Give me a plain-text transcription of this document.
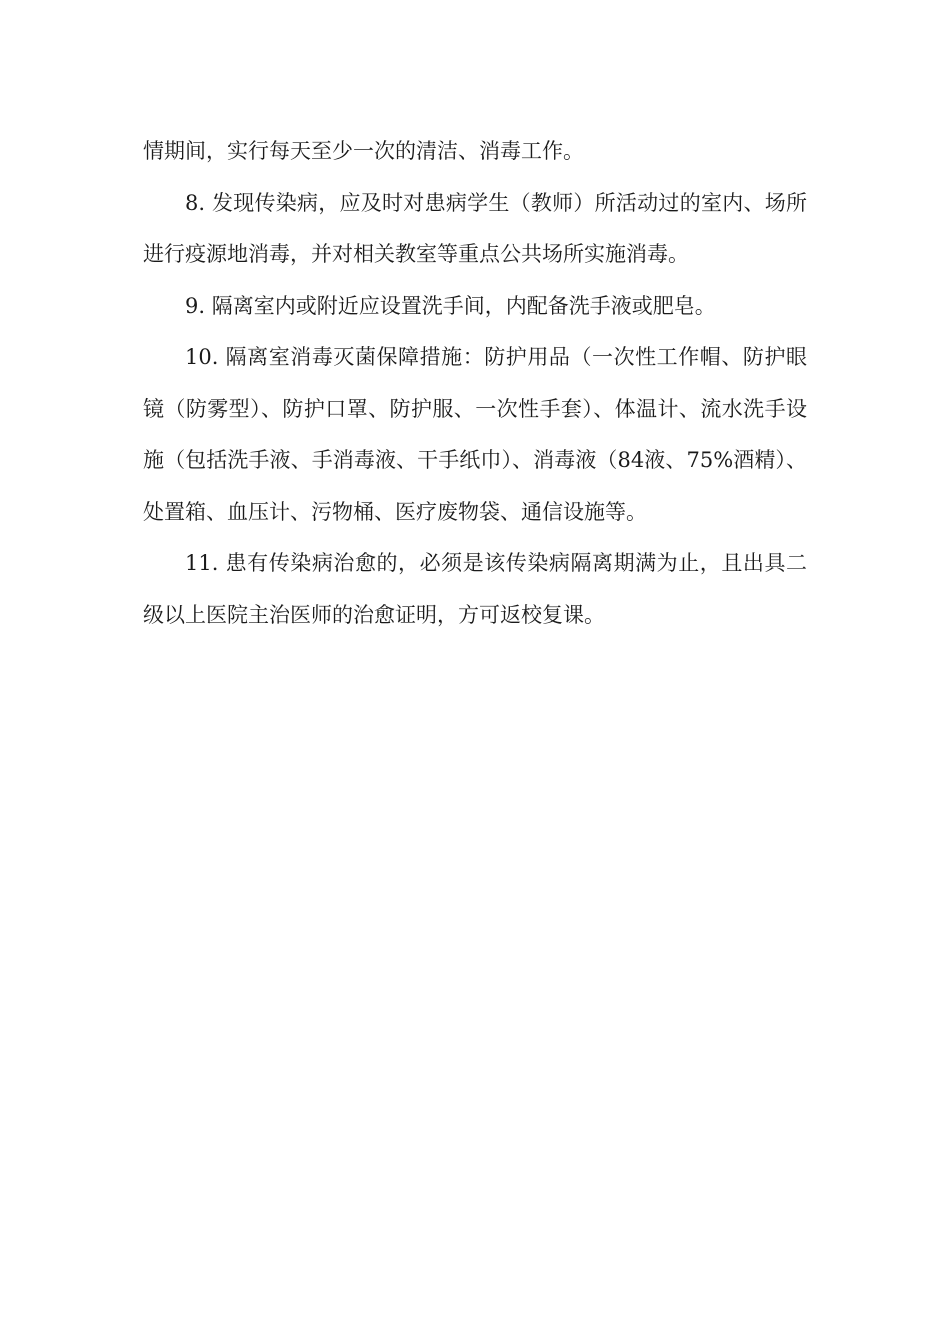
情期间，实行每天至少一次的清洁、消毒工作。

8. 发现传染病，应及时对患病学生（教师）所活动过的室内、场所进行疫源地消毒，并对相关教室等重点公共场所实施消毒。

9. 隔离室内或附近应设置洗手间，内配备洗手液或肥皂。

10. 隔离室消毒灭菌保障措施：防护用品（一次性工作帽、防护眼镜（防雾型）、防护口罩、防护服、一次性手套）、体温计、流水洗手设施（包括洗手液、手消毒液、干手纸巾）、消毒液（84液、75%酒精）、处置箱、血压计、污物桶、医疗废物袋、通信设施等。

11. 患有传染病治愈的，必须是该传染病隔离期满为止，且出具二级以上医院主治医师的治愈证明，方可返校复课。
